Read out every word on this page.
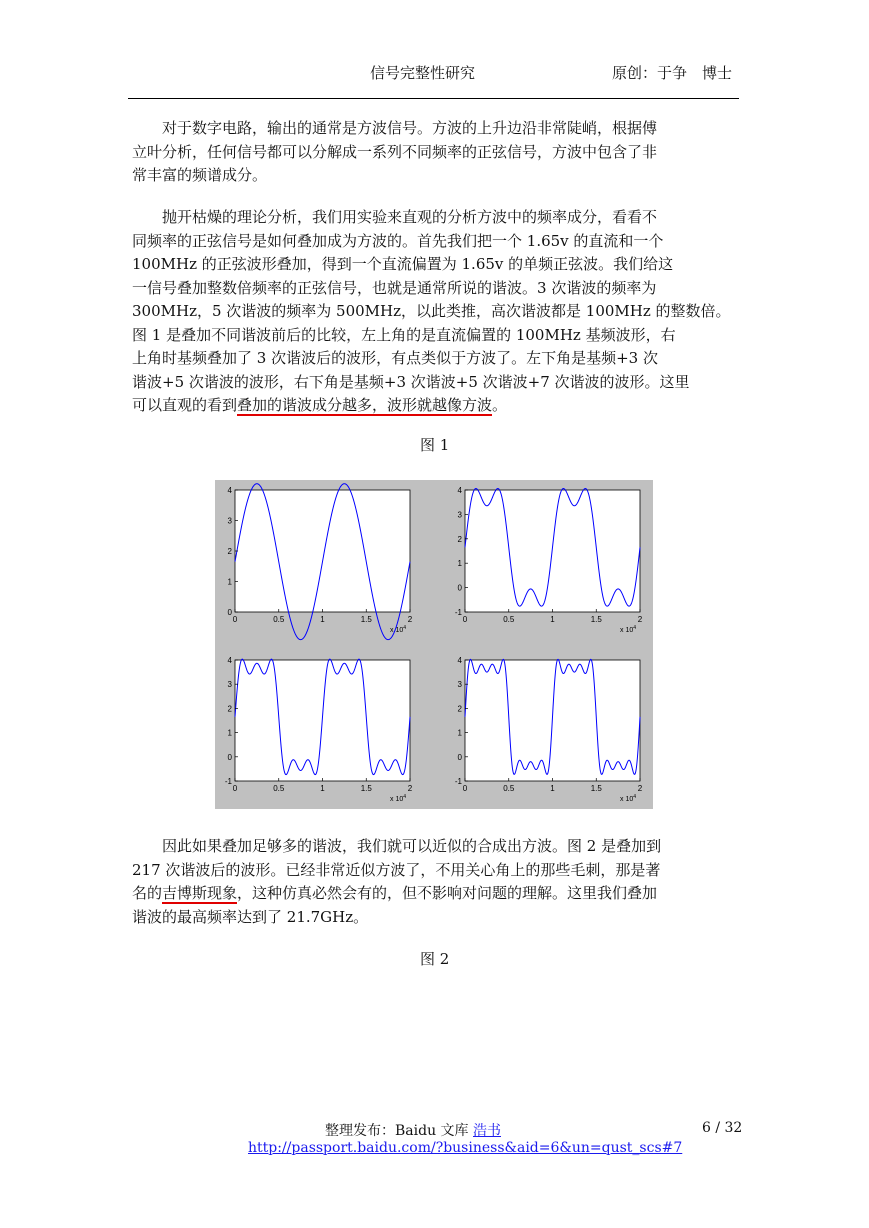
信号完整性研究	原创：于争　博士

对于数字电路，输出的通常是方波信号。方波的上升边沿非常陡峭，根据傅
立叶分析，任何信号都可以分解成一系列不同频率的正弦信号，方波中包含了非
常丰富的频谱成分。

抛开枯燥的理论分析，我们用实验来直观的分析方波中的频率成分，看看不
同频率的正弦信号是如何叠加成为方波的。首先我们把一个 1.65v 的直流和一个
100MHz 的正弦波形叠加，得到一个直流偏置为 1.65v 的单频正弦波。我们给这
一信号叠加整数倍频率的正弦信号，也就是通常所说的谐波。3 次谐波的频率为
300MHz，5 次谐波的频率为 500MHz，以此类推，高次谐波都是 100MHz 的整数倍。
图 1 是叠加不同谐波前后的比较，左上角的是直流偏置的 100MHz 基频波形，右
上角时基频叠加了 3 次谐波后的波形，有点类似于方波了。左下角是基频+3 次
谐波+5 次谐波的波形，右下角是基频+3 次谐波+5 次谐波+7 次谐波的波形。这里
可以直观的看到叠加的谐波成分越多，波形就越像方波。

图 1
0
1
2
3
4
0	0.5	1	1.5	2
x $10^4$
-1
0
1
2
3
4
0	0.5	1	1.5	2
x $10^4$
-1
0
1
2
3
4
0	0.5	1	1.5	2
x $10^4$
-1
0
1
2
3
4
0	0.5	1	1.5	2
x $10^4$

因此如果叠加足够多的谐波，我们就可以近似的合成出方波。图 2 是叠加到
217 次谐波后的波形。已经非常近似方波了，不用关心角上的那些毛刺，那是著
名的吉博斯现象，这种仿真必然会有的，但不影响对问题的理解。这里我们叠加
谐波的最高频率达到了 21.7GHz。

图 2
整理发布：Baidu 文库 浩书	6 / 32
http://passport.baidu.com/?business&aid=6&un=qust_scs#7
